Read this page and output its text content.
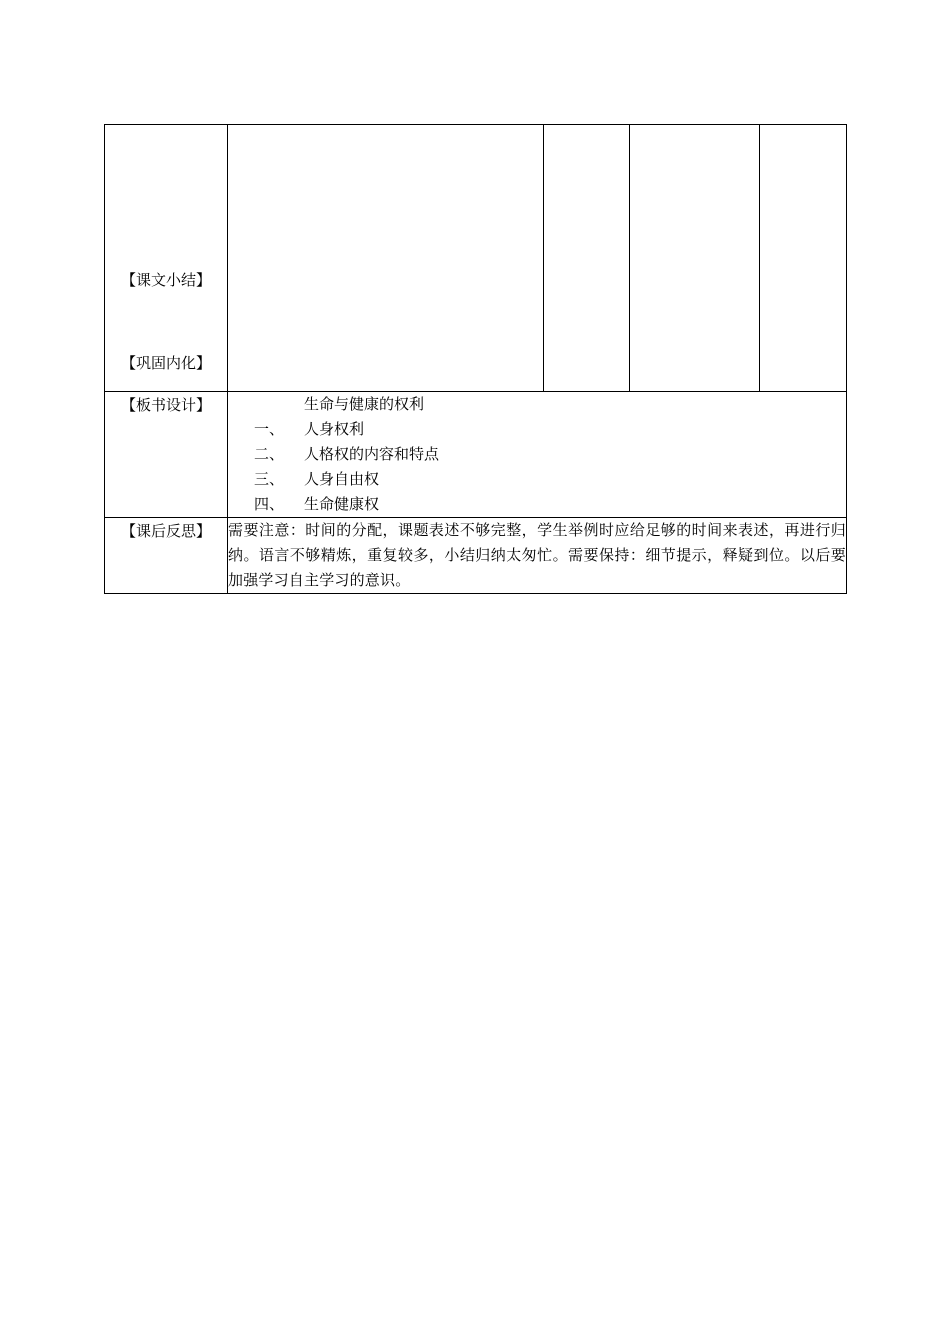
【课文小结】
【巩固内化】				

【板书设计】	生命与健康的权利
一、 人身权利
二、 人格权的内容和特点
三、 人身自由权
四、 生命健康权			

【课后反思】	需要注意：时间的分配，课题表述不够完整，学生举例时应给足够的时间来表述，再进行归纳。语言不够精炼，重复较多，小结归纳太匆忙。需要保持：细节提示，释疑到位。以后要加强学习自主学习的意识。			
